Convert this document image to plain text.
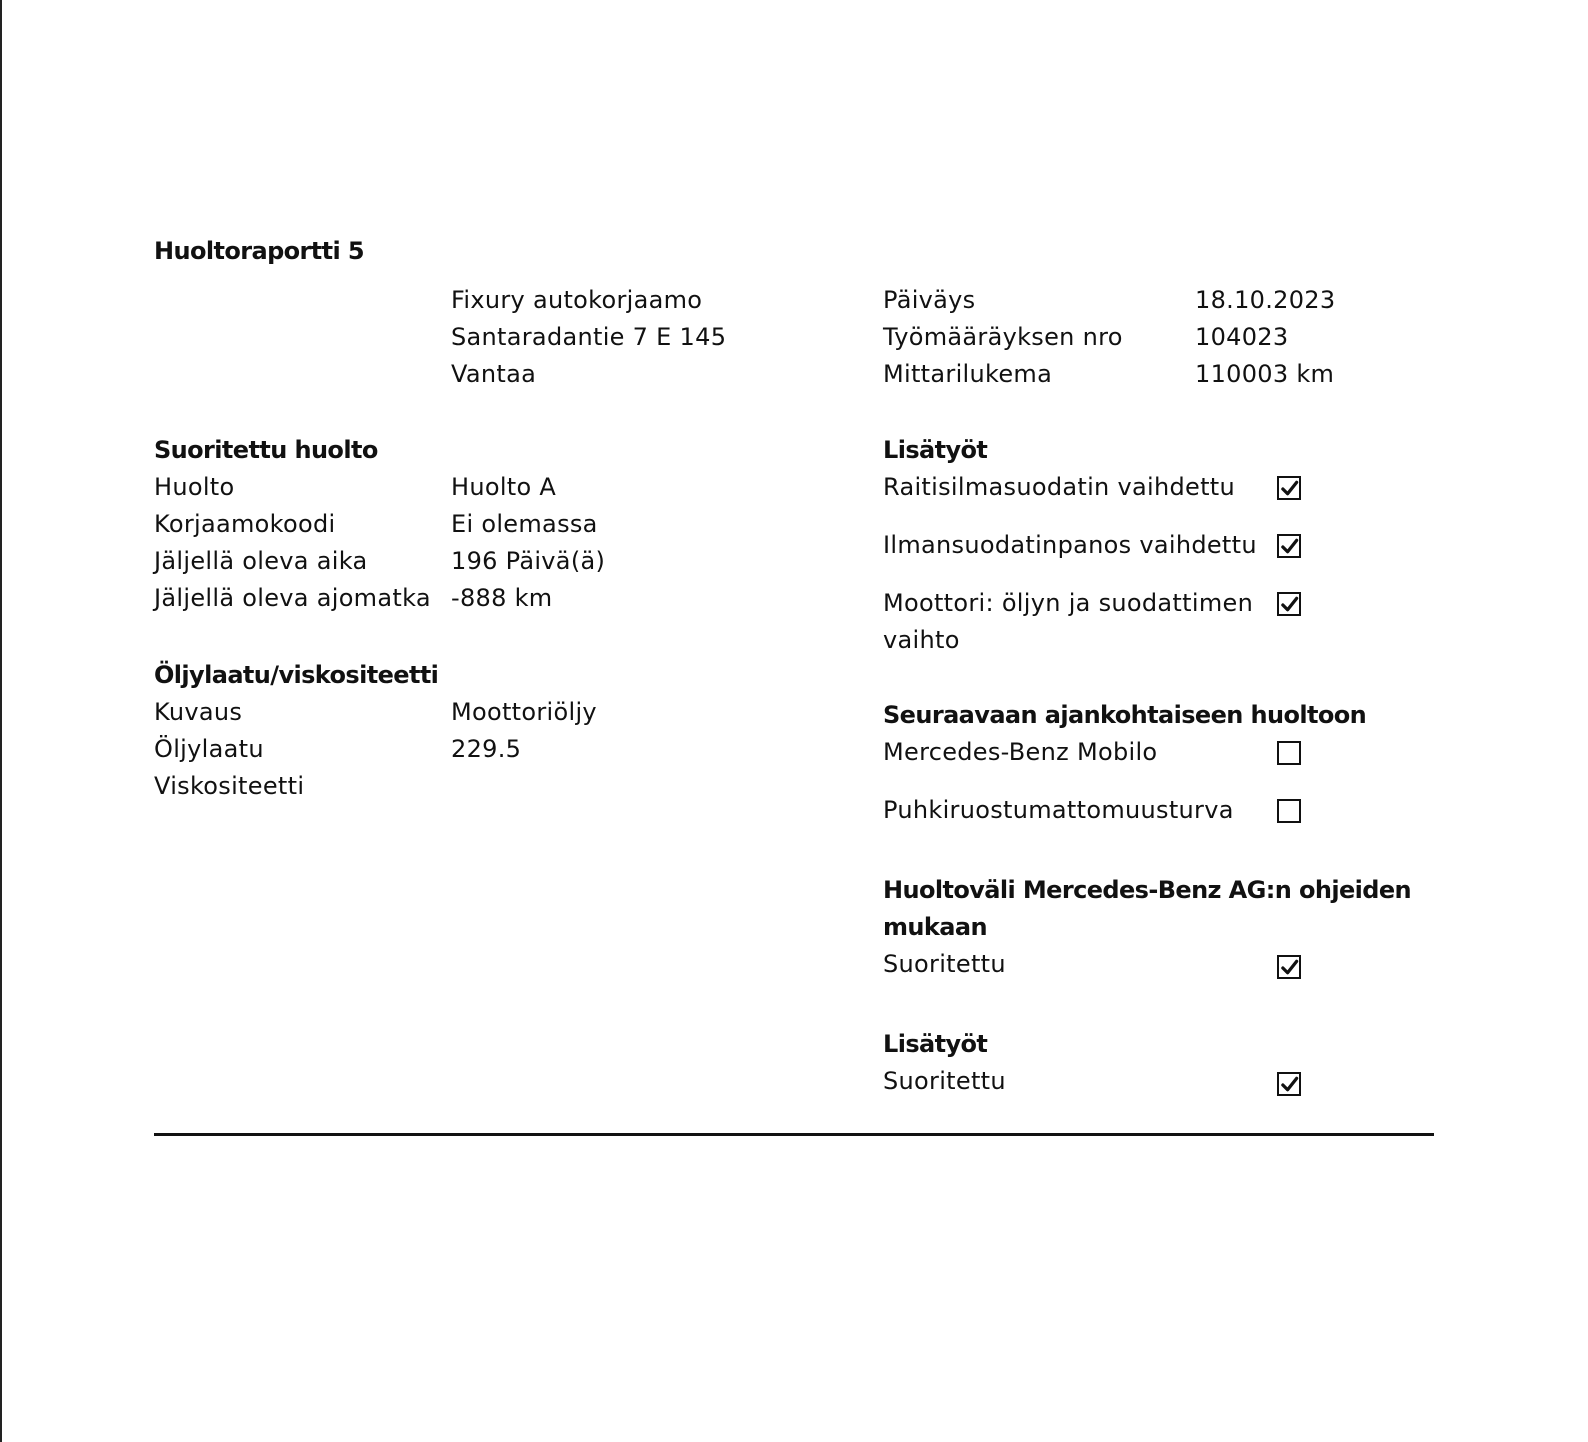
Huoltoraportti 5
Fixury autokorjaamo
Santaradantie 7 E 145
Vantaa
Päiväys	18.10.2023
Työmääräyksen nro	104023
Mittarilukema	110003 km
Suoritettu huolto
Huolto	Huolto A
Korjaamokoodi	Ei olemassa
Jäljellä oleva aika	196 Päivä(ä)
Jäljellä oleva ajomatka -888 km
Öljylaatu/viskositeetti
Kuvaus	Moottoriöljy
Öljylaatu	229.5
Viskositeetti
Lisätyöt
Raitisilmasuodatin vaihdettu
Ilmansuodatinpanos vaihdettu
Moottori: öljyn ja suodattimen
vaihto
Seuraavaan ajankohtaiseen huoltoon
Mercedes-Benz Mobilo
Puhkiruostumattomuusturva
Huoltoväli Mercedes-Benz AG:n ohjeiden
mukaan
Suoritettu
Lisätyöt
Suoritettu
